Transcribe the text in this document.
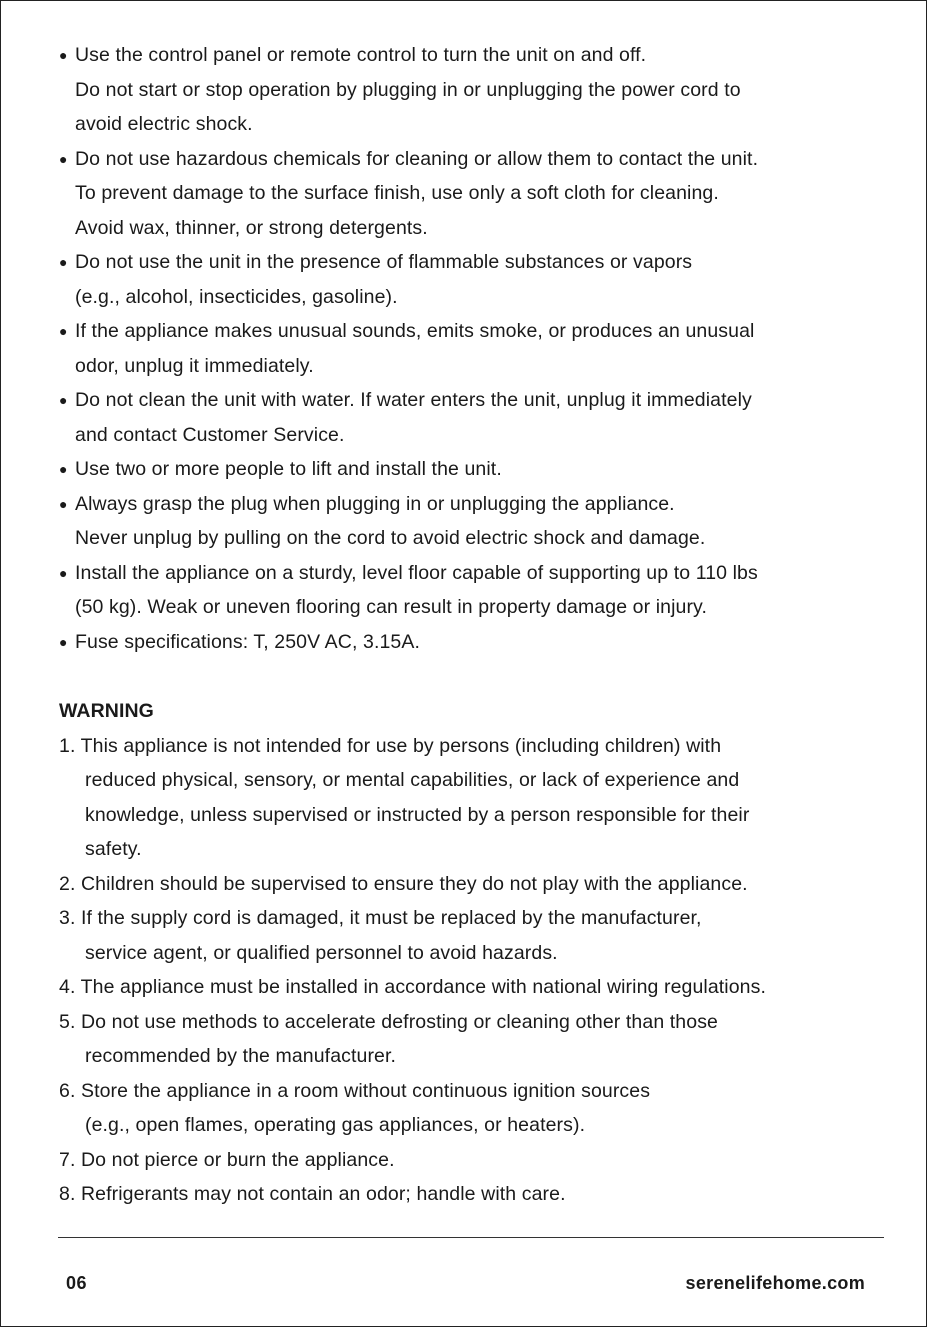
● Use the control panel or remote control to turn the unit on and off.
Do not start or stop operation by plugging in or unplugging the power cord to
avoid electric shock.
● Do not use hazardous chemicals for cleaning or allow them to contact the unit.
To prevent damage to the surface finish, use only a soft cloth for cleaning.
Avoid wax, thinner, or strong detergents.
● Do not use the unit in the presence of flammable substances or vapors
(e.g., alcohol, insecticides, gasoline).
● If the appliance makes unusual sounds, emits smoke, or produces an unusual
odor, unplug it immediately.
● Do not clean the unit with water. If water enters the unit, unplug it immediately
and contact Customer Service.
● Use two or more people to lift and install the unit.
● Always grasp the plug when plugging in or unplugging the appliance.
Never unplug by pulling on the cord to avoid electric shock and damage.
● Install the appliance on a sturdy, level floor capable of supporting up to 110 lbs
(50 kg). Weak or uneven flooring can result in property damage or injury.
● Fuse specifications: T, 250V AC, 3.15A.
WARNING
1. This appliance is not intended for use by persons (including children) with
reduced physical, sensory, or mental capabilities, or lack of experience and
knowledge, unless supervised or instructed by a person responsible for their
safety.
2. Children should be supervised to ensure they do not play with the appliance.
3. If the supply cord is damaged, it must be replaced by the manufacturer,
service agent, or qualified personnel to avoid hazards.
4. The appliance must be installed in accordance with national wiring regulations.
5. Do not use methods to accelerate defrosting or cleaning other than those
recommended by the manufacturer.
6. Store the appliance in a room without continuous ignition sources
(e.g., open flames, operating gas appliances, or heaters).
7. Do not pierce or burn the appliance.
8. Refrigerants may not contain an odor; handle with care.
06	serenelifehome.com
